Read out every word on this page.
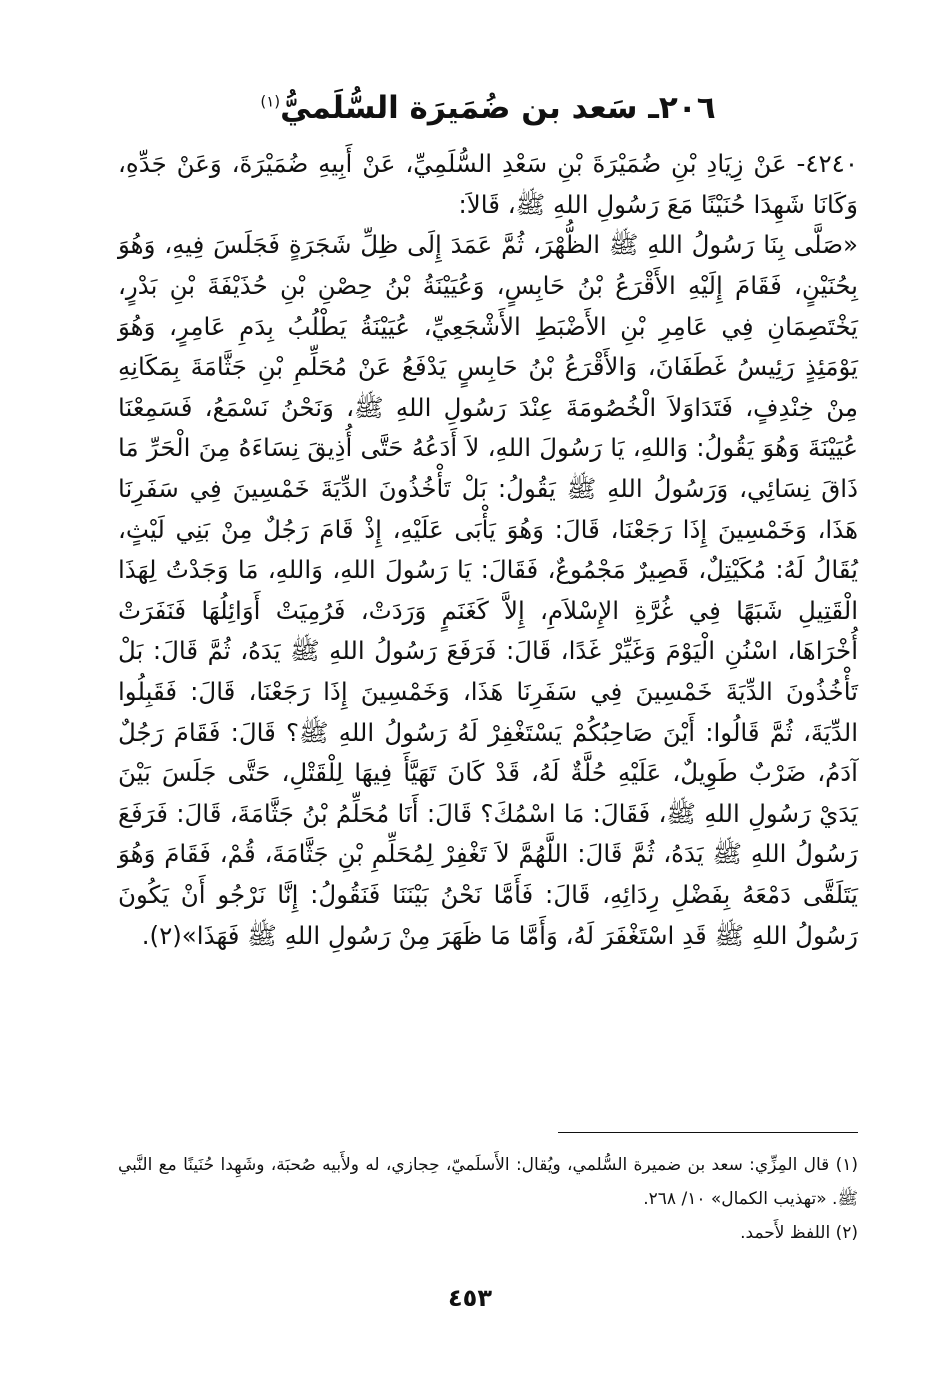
٢٠٦ـ سَعد بن ضُمَيرَة السُّلَميُّ$^{(١)}$

٤٢٤٠- عَنْ زِيَادِ بْنِ ضُمَيْرَةَ بْنِ سَعْدِ السُّلَمِيِّ، عَنْ أَبِيهِ ضُمَيْرَةَ، وَعَنْ جَدِّهِ، وَكَانَا شَهِدَا حُنَيْنًا مَعَ رَسُولِ اللهِ ﷺ، قَالاَ:

«صَلَّى بِنَا رَسُولُ اللهِ ﷺ الظُّهْرَ، ثُمَّ عَمَدَ إِلَى ظِلِّ شَجَرَةٍ فَجَلَسَ فِيهِ، وَهُوَ بِحُنَيْنٍ، فَقَامَ إِلَيْهِ الأَقْرَعُ بْنُ حَابِسٍ، وَعُيَيْنَةُ بْنُ حِصْنِ بْنِ حُذَيْفَةَ بْنِ بَدْرٍ، يَخْتَصِمَانِ فِي عَامِرِ بْنِ الأَضْبَطِ الأَشْجَعِيِّ، عُيَيْنَةُ يَطْلُبُ بِدَمِ عَامِرٍ، وَهُوَ يَوْمَئِذٍ رَئِيسُ غَطَفَانَ، وَالأَقْرَعُ بْنُ حَابِسٍ يَدْفَعُ عَنْ مُحَلِّمِ بْنِ جَثَّامَةَ بِمَكَانِهِ مِنْ خِنْدِفٍ، فَتَدَاوَلاَ الْخُصُومَةَ عِنْدَ رَسُولِ اللهِ ﷺ، وَنَحْنُ نَسْمَعُ، فَسَمِعْنَا عُيَيْنَةَ وَهُوَ يَقُولُ: وَاللهِ، يَا رَسُولَ اللهِ، لاَ أَدَعُهُ حَتَّى أُذِيقَ نِسَاءَهُ مِنَ الْحَرِّ مَا ذَاقَ نِسَائِي، وَرَسُولُ اللهِ ﷺ يَقُولُ: بَلْ تَأْخُذُونَ الدِّيَةَ خَمْسِينَ فِي سَفَرِنَا هَذَا، وَخَمْسِينَ إِذَا رَجَعْنَا، قَالَ: وَهُوَ يَأْبَى عَلَيْهِ، إِذْ قَامَ رَجُلٌ مِنْ بَنِي لَيْثٍ، يُقَالُ لَهُ: مُكَيْتِلٌ، قَصِيرٌ مَجْمُوعٌ، فَقَالَ: يَا رَسُولَ اللهِ، وَاللهِ، مَا وَجَدْتُ لِهَذَا الْقَتِيلِ شَبَهًا فِي غُرَّةِ الإِسْلاَمِ، إِلاَّ كَغَنَمٍ وَرَدَتْ، فَرُمِيَتْ أَوَائِلُهَا فَنَفَرَتْ أُخْرَاهَا، اسْنُنِ الْيَوْمَ وَغَيِّرْ غَدًا، قَالَ: فَرَفَعَ رَسُولُ اللهِ ﷺ يَدَهُ، ثُمَّ قَالَ: بَلْ تَأْخُذُونَ الدِّيَةَ خَمْسِينَ فِي سَفَرِنَا هَذَا، وَخَمْسِينَ إِذَا رَجَعْنَا، قَالَ: فَقَبِلُوا الدِّيَةَ، ثُمَّ قَالُوا: أَيْنَ صَاحِبُكُمْ يَسْتَغْفِرْ لَهُ رَسُولُ اللهِ ﷺ؟ قَالَ: فَقَامَ رَجُلٌ آدَمُ، ضَرْبٌ طَوِيلٌ، عَلَيْهِ حُلَّةٌ لَهُ، قَدْ كَانَ تَهَيَّأَ فِيهَا لِلْقَتْلِ، حَتَّى جَلَسَ بَيْنَ يَدَيْ رَسُولِ اللهِ ﷺ، فَقَالَ: مَا اسْمُكَ؟ قَالَ: أَنَا مُحَلِّمُ بْنُ جَثَّامَةَ، قَالَ: فَرَفَعَ رَسُولُ اللهِ ﷺ يَدَهُ، ثُمَّ قَالَ: اللَّهُمَّ لاَ تَغْفِرْ لِمُحَلِّمِ بْنِ جَثَّامَةَ، قُمْ، فَقَامَ وَهُوَ يَتَلَقَّى دَمْعَهُ بِفَضْلِ رِدَائِهِ، قَالَ: فَأَمَّا نَحْنُ بَيْنَنَا فَنَقُولُ: إِنَّا نَرْجُو أَنْ يَكُونَ رَسُولُ اللهِ ﷺ قَدِ اسْتَغْفَرَ لَهُ، وَأَمَّا مَا ظَهَرَ مِنْ رَسُولِ اللهِ ﷺ فَهَذَا»(٢).

(١) قال المِزِّي: سعد بن ضميرة السُّلمي، ويُقال: الأَسلَميّ، حِجازي، له ولأَبيه صُحبَة، وشَهِدا حُنَينًا مع النَّبي ﷺ. «تهذيب الكمال» ١٠/ ٢٦٨.

(٢) اللفظ لأَحمد.

٤٥٣
